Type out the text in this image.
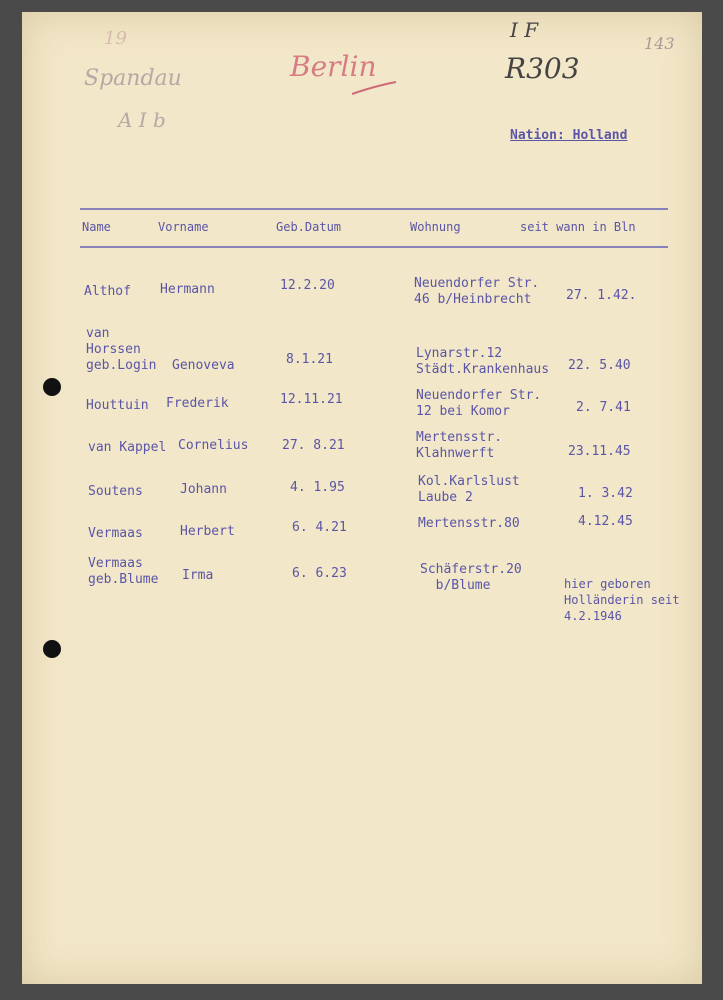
Spandau
A I b
Berlin
I F
R303
143
19
Nation: Holland
Name	Vorname	Geb.Datum	Wohnung	seit wann in Bln
Althof Hermann	12.2.20	Neuendorfer Str.
46 b/Heinbrecht	27. 1.42.
van
Horssen
geb.Login Genoveva	8.1.21	Lynarstr.12
Städt.Krankenhaus 22. 5.40
Houttuin Frederik	12.11.21	Neuendorfer Str.
12 bei Komor	2. 7.41
van Kappel Cornelius	27. 8.21
Mertensstr.
Klahnwerft	23.11.45
Soutens	Johann	4. 1.95	Kol.Karlslust
Laube 2	1. 3.42
Vermaas	Herbert	6. 4.21	Mertensstr.80	4.12.45
Vermaas
geb.Blume Irma	6. 6.23	Schäferstr.20
b/Blume	hier geboren
Holländerin seit
4.2.1946
